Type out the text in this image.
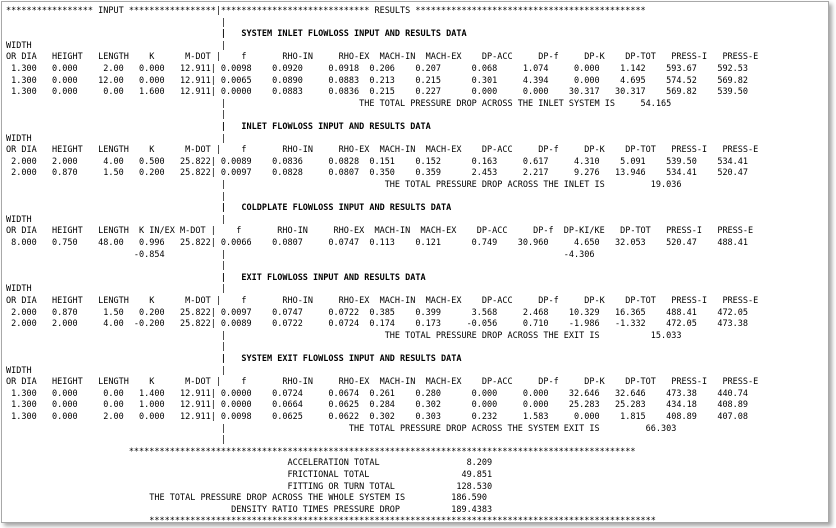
***************** INPUT *****************|***************************** RESULTS *********************************************
|
|   SYSTEM INLET FLOWLOSS INPUT AND RESULTS DATA
WIDTH                                     |
OR DIA   HEIGHT   LENGTH    K      M-DOT |    f       RHO-IN     RHO-EX  MACH-IN  MACH-EX    DP-ACC     DP-f     DP-K    DP-TOT   PRESS-I   PRESS-E
1.300   0.000     2.00   0.000   12.911| 0.0098    0.0920     0.0918  0.206    0.207      0.068     1.074     0.000    1.142    593.67    592.53
1.300   0.000    12.00   0.000   12.911| 0.0065    0.0890     0.0883  0.213    0.215      0.301     4.394     0.000    4.695    574.52    569.82
1.300   0.000     0.00   1.600   12.911| 0.0000    0.0883     0.0836  0.215    0.227      0.000     0.000    30.317   30.317    569.82    539.50
|                          THE TOTAL PRESSURE DROP ACROSS THE INLET SYSTEM IS     54.165
|
|   INLET FLOWLOSS INPUT AND RESULTS DATA
WIDTH                                     |
OR DIA   HEIGHT   LENGTH    K      M-DOT |    f       RHO-IN     RHO-EX  MACH-IN  MACH-EX    DP-ACC     DP-f     DP-K    DP-TOT   PRESS-I   PRESS-E
2.000   2.000     4.00   0.500   25.822| 0.0089    0.0836     0.0828  0.151    0.152      0.163     0.617     4.310    5.091    539.50    534.41
2.000   0.870     1.50   0.200   25.822| 0.0097    0.0828     0.0807  0.350    0.359      2.453     2.217     9.276   13.946    534.41    520.47
|                               THE TOTAL PRESSURE DROP ACROSS THE INLET IS         19.036
|
|   COLDPLATE FLOWLOSS INPUT AND RESULTS DATA
WIDTH                                     |
OR DIA   HEIGHT   LENGTH  K IN/EX M-DOT |    f       RHO-IN     RHO-EX  MACH-IN  MACH-EX    DP-ACC     DP-f  DP-KI/KE   DP-TOT   PRESS-I   PRESS-E
8.000   0.750    48.00   0.996   25.822| 0.0066    0.0807     0.0747  0.113    0.121      0.749    30.960     4.650   32.053    520.47    488.41
-0.854           |                                                                  -4.306
|
|   EXIT FLOWLOSS INPUT AND RESULTS DATA
WIDTH                                     |
OR DIA   HEIGHT   LENGTH    K      M-DOT |    f       RHO-IN     RHO-EX  MACH-IN  MACH-EX    DP-ACC     DP-f     DP-K    DP-TOT   PRESS-I   PRESS-E
2.000   0.870     1.50   0.200   25.822| 0.0097    0.0747     0.0722  0.385    0.399      3.568     2.468    10.329   16.365    488.41    472.05
2.000   2.000     4.00  -0.200   25.822| 0.0089    0.0722     0.0724  0.174    0.173     -0.056     0.710    -1.986   -1.332    472.05    473.38
|                               THE TOTAL PRESSURE DROP ACROSS THE EXIT IS          15.033
|
|   SYSTEM EXIT FLOWLOSS INPUT AND RESULTS DATA
WIDTH                                     |
OR DIA   HEIGHT   LENGTH    K      M-DOT |    f       RHO-IN     RHO-EX  MACH-IN  MACH-EX    DP-ACC     DP-f     DP-K    DP-TOT   PRESS-I   PRESS-E
1.300   0.000     0.00   1.400   12.911| 0.0000    0.0724     0.0674  0.261    0.280      0.000     0.000    32.646   32.646    473.38    440.74
1.300   0.000     0.00   1.000   12.911| 0.0000    0.0664     0.0625  0.284    0.302      0.000     0.000    25.283   25.283    434.18    408.89
1.300   0.000     2.00   0.000   12.911| 0.0098    0.0625     0.0622  0.302    0.303      0.232     1.583     0.000    1.815    408.89    407.08
|                        THE TOTAL PRESSURE DROP ACROSS THE SYSTEM EXIT IS         66.303
|
***************************************************************************************************
ACCELERATION TOTAL                 8.209
FRICTIONAL TOTAL                  49.851
FITTING OR TURN TOTAL            128.530
THE TOTAL PRESSURE DROP ACROSS THE WHOLE SYSTEM IS         186.590
DENSITY RATIO TIMES PRESSURE DROP          189.4383
***************************************************************************************************
